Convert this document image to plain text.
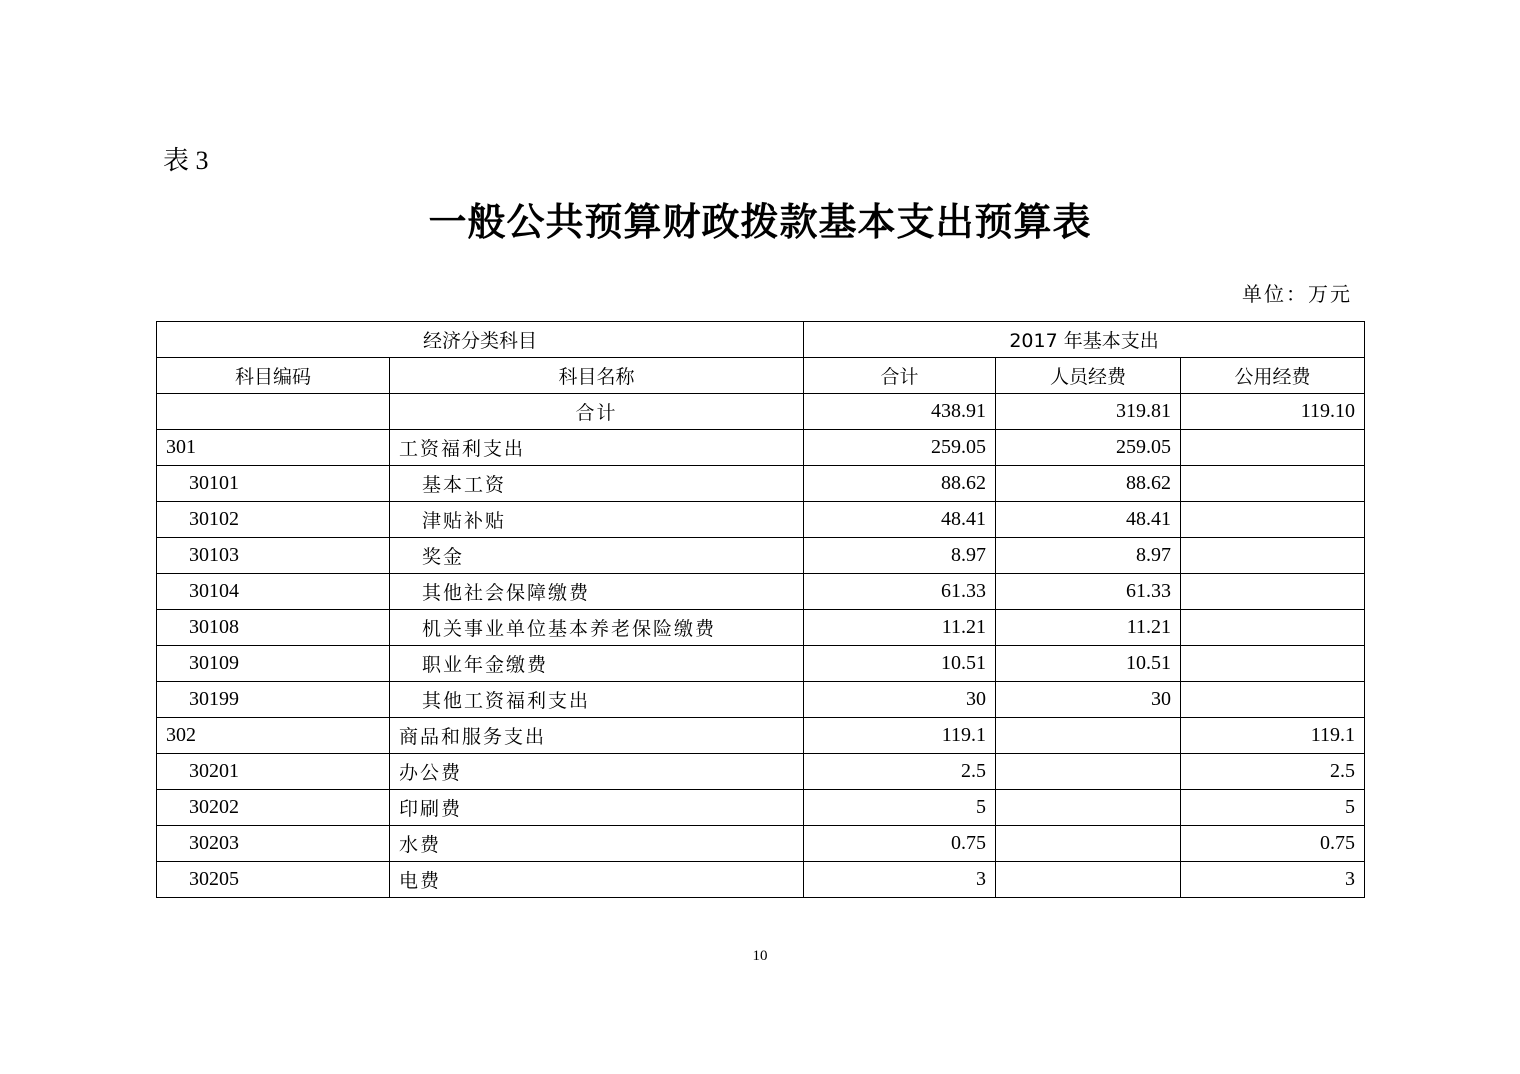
表 3
一般公共预算财政拨款基本支出预算表
单位：万元
经济分类科目		2017 年基本支出		
科目编码	科目名称	合计	人员经费	公用经费
	合计	438.91	319.81	119.10
301	工资福利支出	259.05	259.05	
30101	基本工资	88.62	88.62	
30102	津贴补贴	48.41	48.41	
30103	奖金	8.97	8.97	
30104	其他社会保障缴费	61.33	61.33	
30108	机关事业单位基本养老保险缴费	11.21	11.21	
30109	职业年金缴费	10.51	10.51	
30199	其他工资福利支出	30	30	
302	商品和服务支出	119.1		119.1
30201	办公费	2.5		2.5
30202	印刷费	5		5
30203	水费	0.75		0.75
30205	电费	3		3
10
